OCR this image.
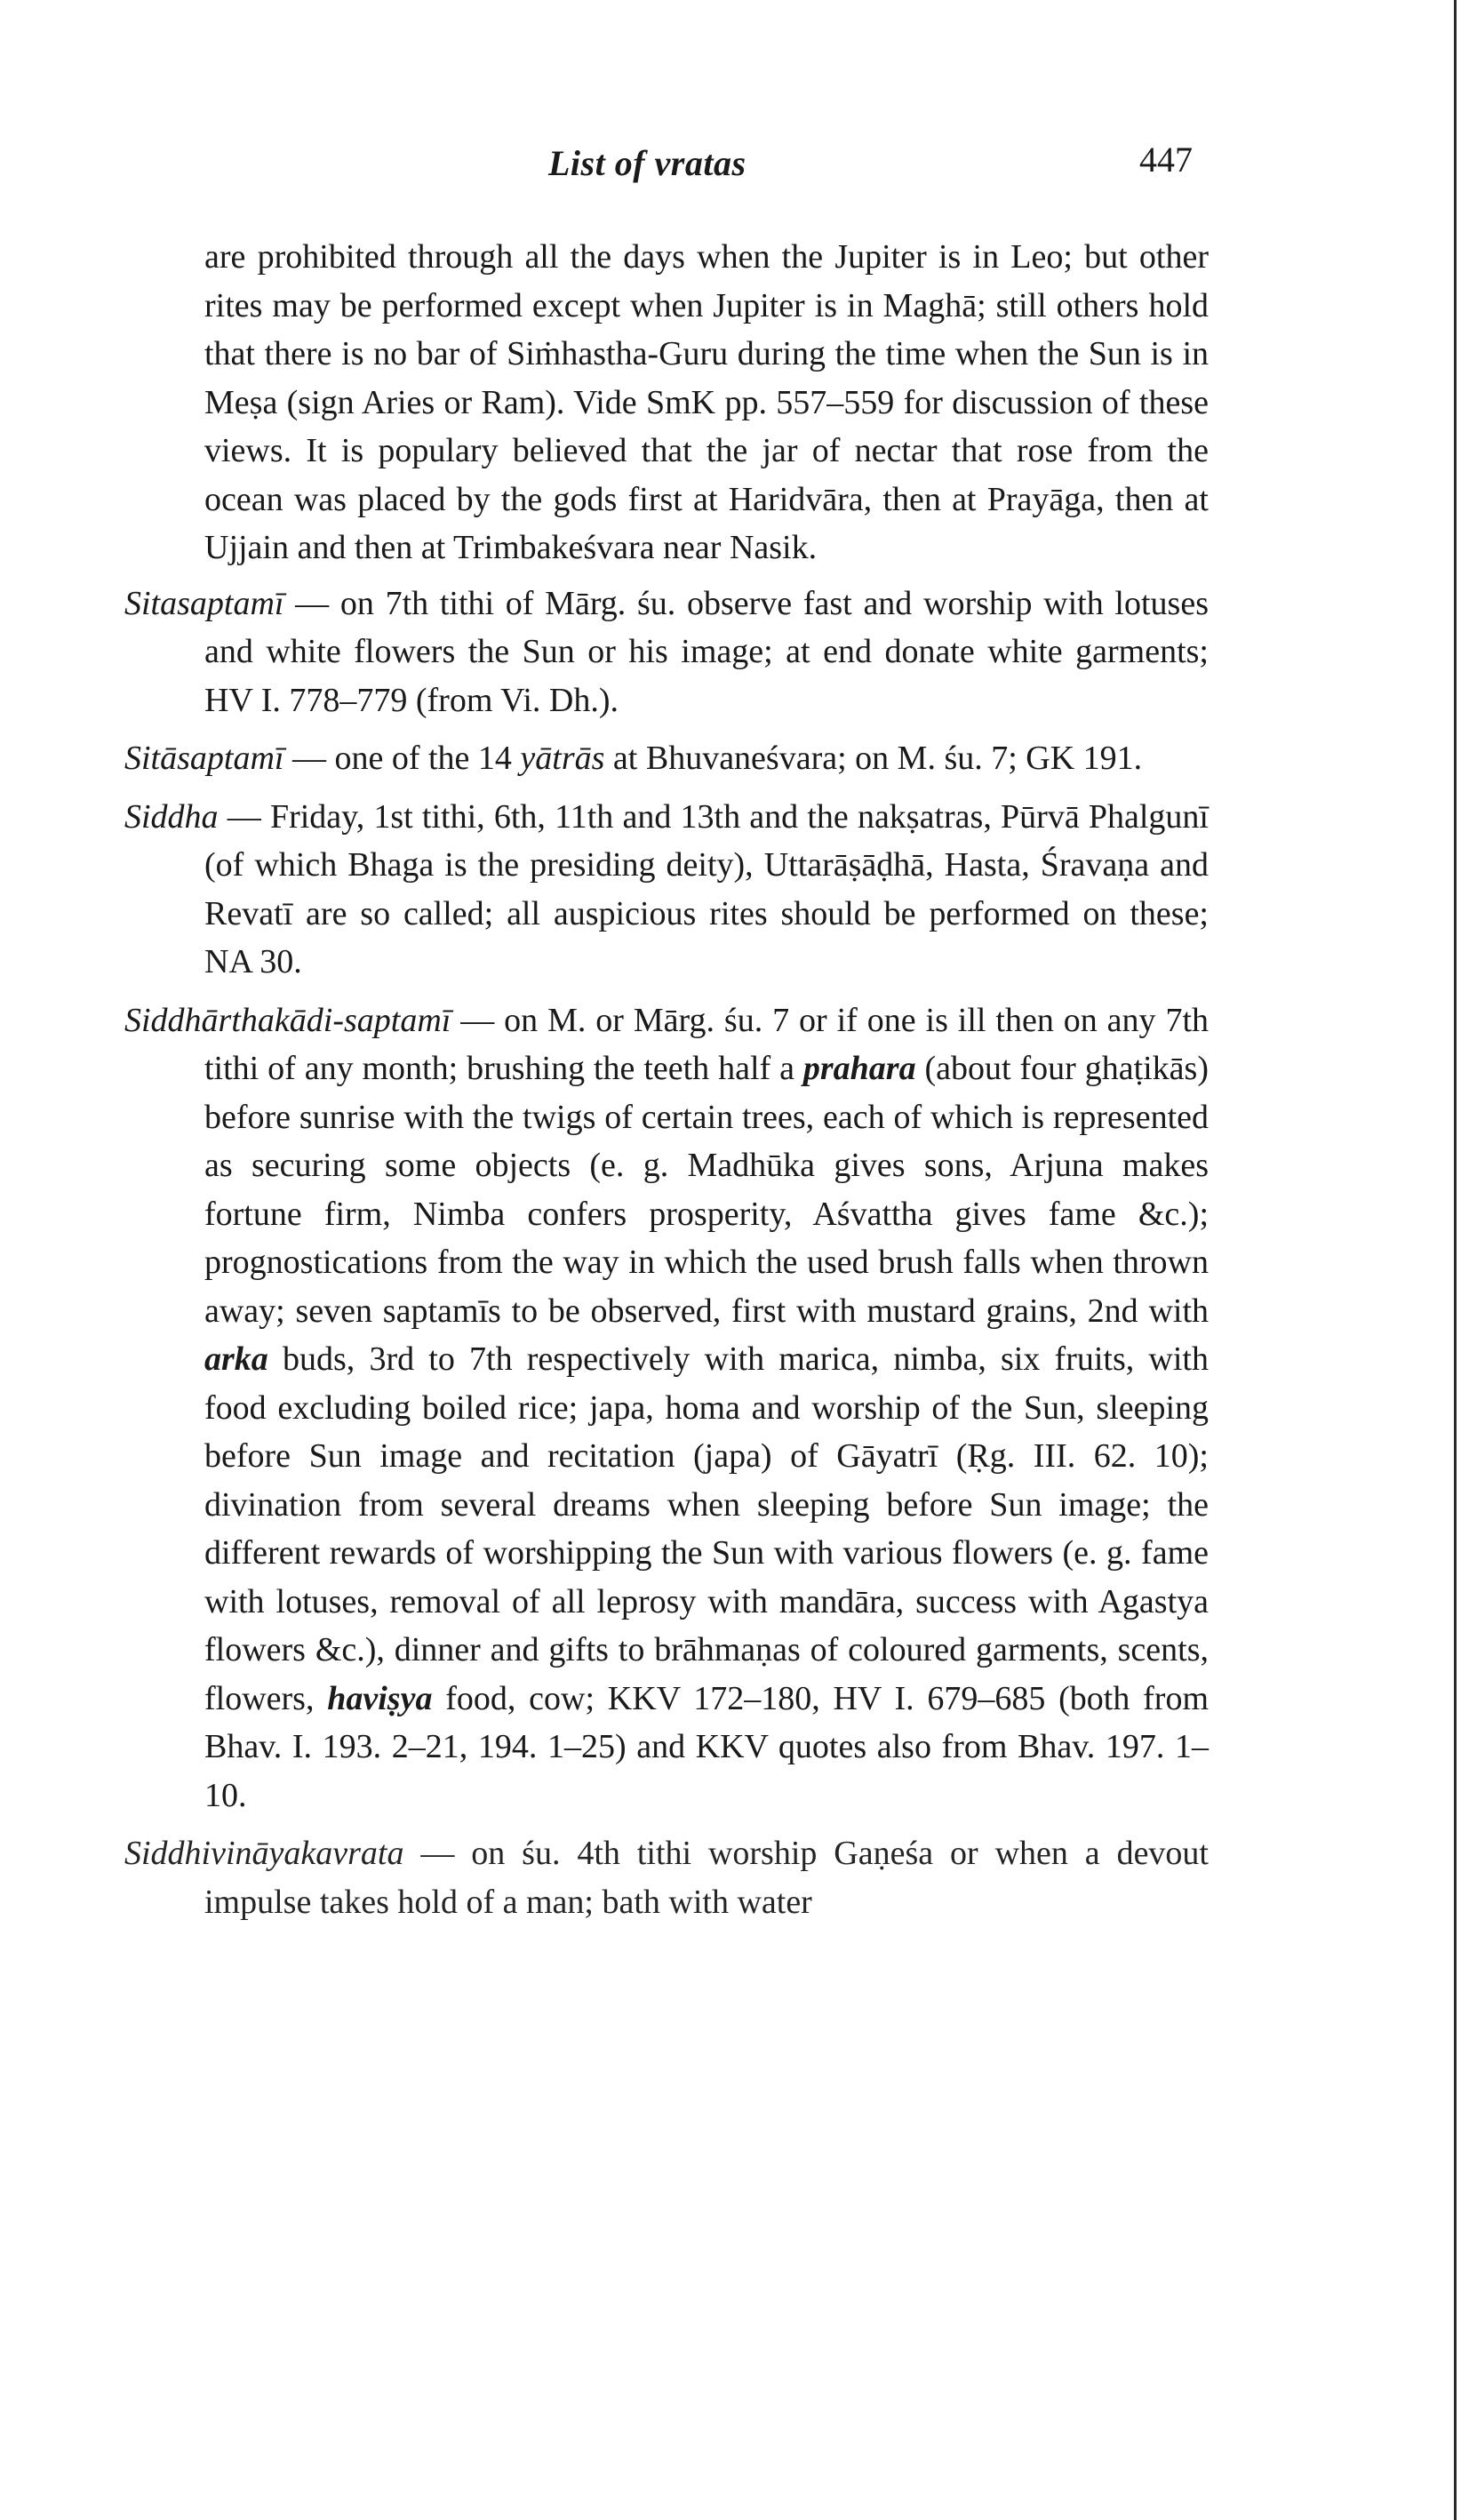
List of vratas	447

are prohibited through all the days when the Jupiter is in Leo; but other rites may be performed except when Jupiter is in Maghā; still others hold that there is no bar of Siṁhastha-Guru during the time when the Sun is in Meṣa (sign Aries or Ram). Vide SmK pp. 557–559 for discussion of these views. It is populary believed that the jar of nectar that rose from the ocean was placed by the gods first at Haridvāra, then at Prayāga, then at Ujjain and then at Trimbakeśvara near Nasik.

Sitasaptamī — on 7th tithi of Mārg. śu. observe fast and worship with lotuses and white flowers the Sun or his image; at end donate white garments; HV I. 778–779 (from Vi. Dh.).

Sitāsaptamī — one of the 14 yātrās at Bhuvaneśvara; on M. śu. 7; GK 191.

Siddha — Friday, 1st tithi, 6th, 11th and 13th and the nakṣatras, Pūrvā Phalgunī (of which Bhaga is the presiding deity), Uttarāṣāḍhā, Hasta, Śravaṇa and Revatī are so called; all auspicious rites should be performed on these; NA 30.

Siddhārthakādi-saptamī — on M. or Mārg. śu. 7 or if one is ill then on any 7th tithi of any month; brushing the teeth half a prahara (about four ghaṭikās) before sunrise with the twigs of certain trees, each of which is represented as securing some objects (e. g. Madhūka gives sons, Arjuna makes fortune firm, Nimba confers prosperity, Aśvattha gives fame &c.); prognostications from the way in which the used brush falls when thrown away; seven saptamīs to be observed, first with mustard grains, 2nd with arka buds, 3rd to 7th respectively with marica, nimba, six fruits, with food excluding boiled rice; japa, homa and worship of the Sun, sleeping before Sun image and recitation (japa) of Gāyatrī (Ṛg. III. 62. 10); divination from several dreams when sleeping before Sun image; the different rewards of worshipping the Sun with various flowers (e. g. fame with lotuses, removal of all leprosy with mandāra, success with Agastya flowers &c.), dinner and gifts to brāhmaṇas of coloured garments, scents, flowers, haviṣya food, cow; KKV 172–180, HV I. 679–685 (both from Bhav. I. 193. 2–21, 194. 1–25) and KKV quotes also from Bhav. 197. 1–10.

Siddhivināyakavrata — on śu. 4th tithi worship Gaṇeśa or when a devout impulse takes hold of a man; bath with water
